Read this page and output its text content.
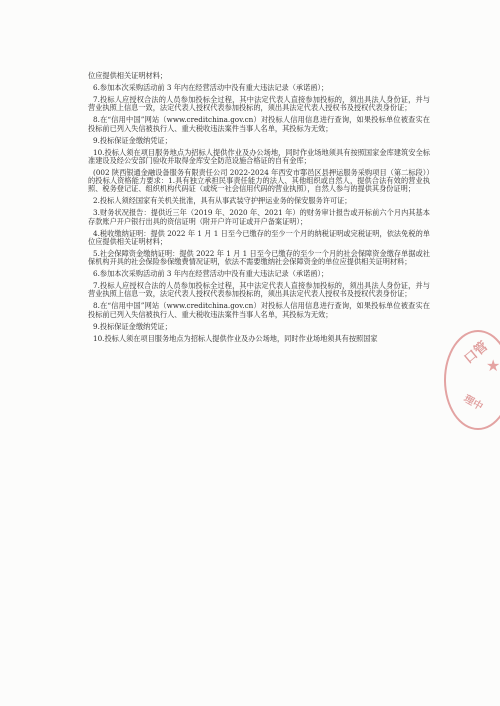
位应提供相关证明材料；

6.参加本次采购活动前 3 年内在经营活动中没有重大违法记录（承诺函）；

7.投标人应授权合法的人员参加投标全过程，其中法定代表人直接参加投标的，须出具法人身份证，并与营业执照上信息一致，法定代表人授权代表参加投标的，须出具法定代表人授权书及授权代表身份证；

8.在“信用中国”网站（www.creditchina.gov.cn）对投标人信用信息进行查询，如果投标单位被查实在投标前已列入失信被执行人、重大税收违法案件当事人名单，其投标为无效；

9.投标保证金缴纳凭证；

10.投标人须在项目服务地点为招标人提供作业及办公场地，同时作业场地须具有按照国家金库建筑安全标准建设及经公安部门验收并取得金库安全防范设施合格证的自有金库；

(002 陕西银通金融设备服务有限责任公司 2022-2024 年西安市鄠邑区县押运服务采购项目（第二标段））的投标人资格能力要求：1.具有独立承担民事责任能力的法人、其他组织或自然人，提供合法有效的营业执照、税务登记证、组织机构代码证（或统一社会信用代码的营业执照），自然人参与的提供其身份证明；

2.投标人须经国家有关机关批准，具有从事武装守护押运业务的保安服务许可证；

3.财务状况报告：提供近三年（2019 年、2020 年、2021 年）的财务审计报告或开标前六个月内其基本存款账户开户银行出具的资信证明（附开户许可证或开户备案证明）；

4.税收缴纳证明：提供 2022 年 1 月 1 日至今已缴存的至少一个月的纳税证明或完税证明，依法免税的单位应提供相关证明材料；

5.社会保障资金缴纳证明：提供 2022 年 1 月 1 日至今已缴存的至少一个月的社会保障资金缴存单据或社保机构开具的社会保险参保缴费情况证明，依法不需要缴纳社会保障资金的单位应提供相关证明材料；

6.参加本次采购活动前 3 年内在经营活动中没有重大违法记录（承诺函）；

7.投标人应授权合法的人员参加投标全过程，其中法定代表人直接参加投标的，须出具法人身份证，并与营业执照上信息一致，法定代表人授权代表参加投标的，须出具法定代表人授权书及授权代表身份证；

8.在“信用中国”网站（www.creditchina.gov.cn）对投标人信用信息进行查询，如果投标单位被查实在投标前已列入失信被执行人、重大税收违法案件当事人名单，其投标为无效；

9.投标保证金缴纳凭证；

10.投标人须在项目服务地点为招标人提供作业及办公场地，同时作业场地须具有按照国家

口管
★
理中
